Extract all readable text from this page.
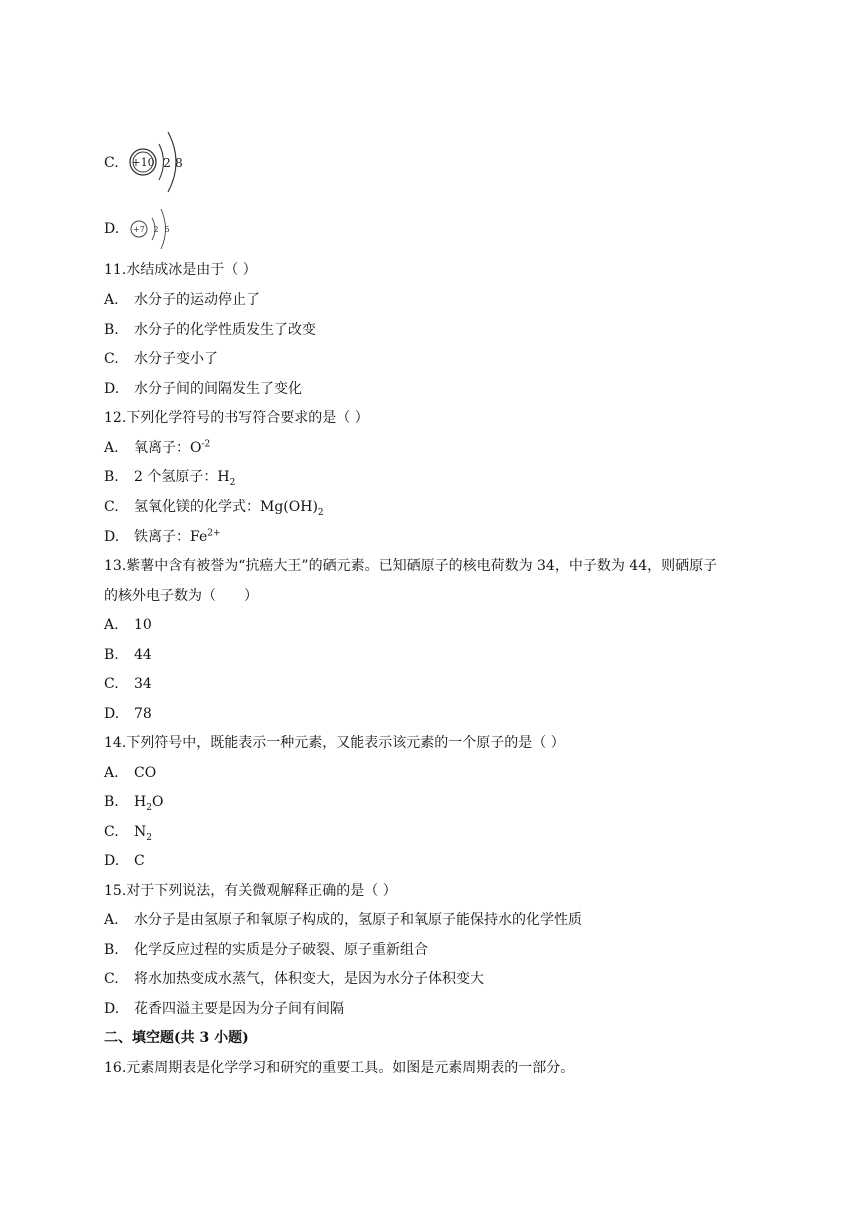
C.	+10 2 8
D.	+7 2 5
11.水结成冰是由于（ ）
A. 水分子的运动停止了
B. 水分子的化学性质发生了改变
C. 水分子变小了
D. 水分子间的间隔发生了变化
12.下列化学符号的书写符合要求的是（ ）
A. 氧离子：$O^{-2}$
B. 2 个氢原子：$H_2$
C. 氢氧化镁的化学式：$Mg(OH)_2$
D. 铁离子：$Fe^{2+}$
13.紫薯中含有被誉为“抗癌大王”的硒元素。已知硒原子的核电荷数为 34，中子数为 44，则硒原子
的核外电子数为（　　）
A. 10
B. 44
C. 34
D. 78
14.下列符号中，既能表示一种元素，又能表示该元素的一个原子的是（ ）
A. CO
B. $H_2O$
C. $N_2$
D. C
15.对于下列说法，有关微观解释正确的是（ ）
A. 水分子是由氢原子和氧原子构成的，氢原子和氧原子能保持水的化学性质
B. 化学反应过程的实质是分子破裂、原子重新组合
C. 将水加热变成水蒸气，体积变大，是因为水分子体积变大
D. 花香四溢主要是因为分子间有间隔
二、填空题(共 3 小题)
16.元素周期表是化学学习和研究的重要工具。如图是元素周期表的一部分。
